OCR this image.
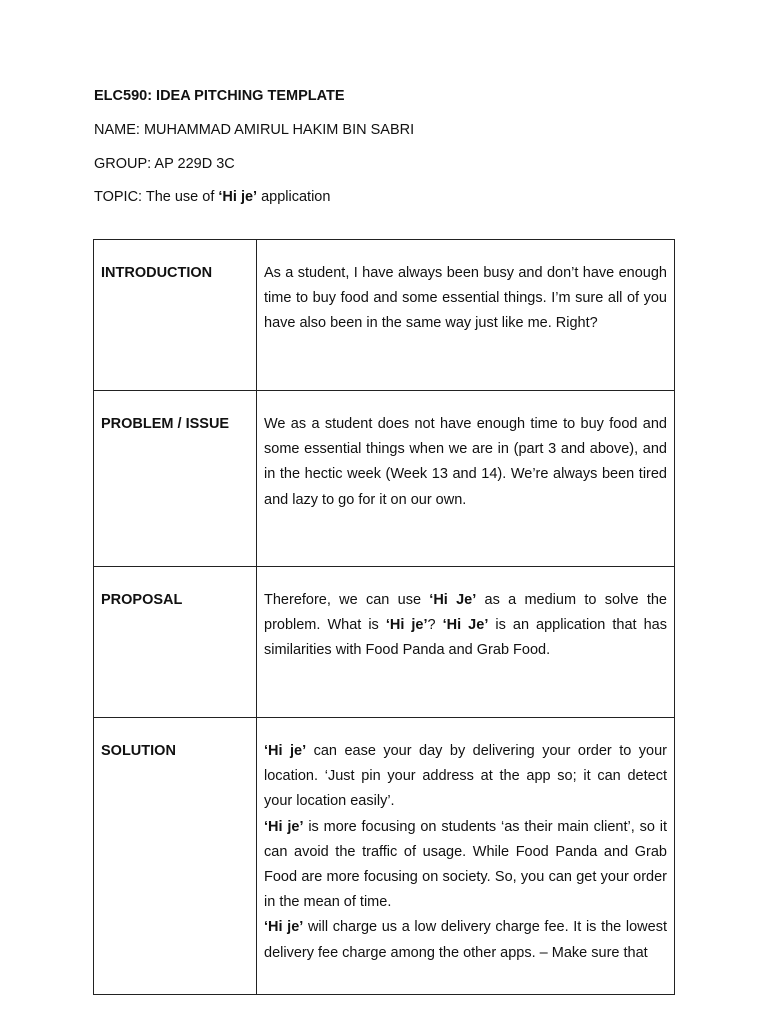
ELC590: IDEA PITCHING TEMPLATE
NAME: MUHAMMAD AMIRUL HAKIM BIN SABRI
GROUP: AP 229D 3C
TOPIC: The use of ‘Hi je’ application
INTRODUCTION	As a student, I have always been busy and don’t have enough time to buy food and some essential things. I’m sure all of you have also been in the same way just like me. Right?

PROBLEM / ISSUE	We as a student does not have enough time to buy food and some essential things when we are in (part 3 and above), and in the hectic week (Week 13 and 14). We’re always been tired and lazy to go for it on our own.

PROPOSAL	Therefore, we can use ‘Hi Je’ as a medium to solve the problem. What is ‘Hi je’? ‘Hi Je’ is an application that has similarities with Food Panda and Grab Food.

SOLUTION	‘Hi je’ can ease your day by delivering your order to your location. ‘Just pin your address at the app so; it can detect your location easily’.

‘Hi je’ is more focusing on students ‘as their main client’, so it can avoid the traffic of usage. While Food Panda and Grab Food are more focusing on society. So, you can get your order in the mean of time.

‘Hi je’ will charge us a low delivery charge fee. It is the lowest delivery fee charge among the other apps. – Make sure that
